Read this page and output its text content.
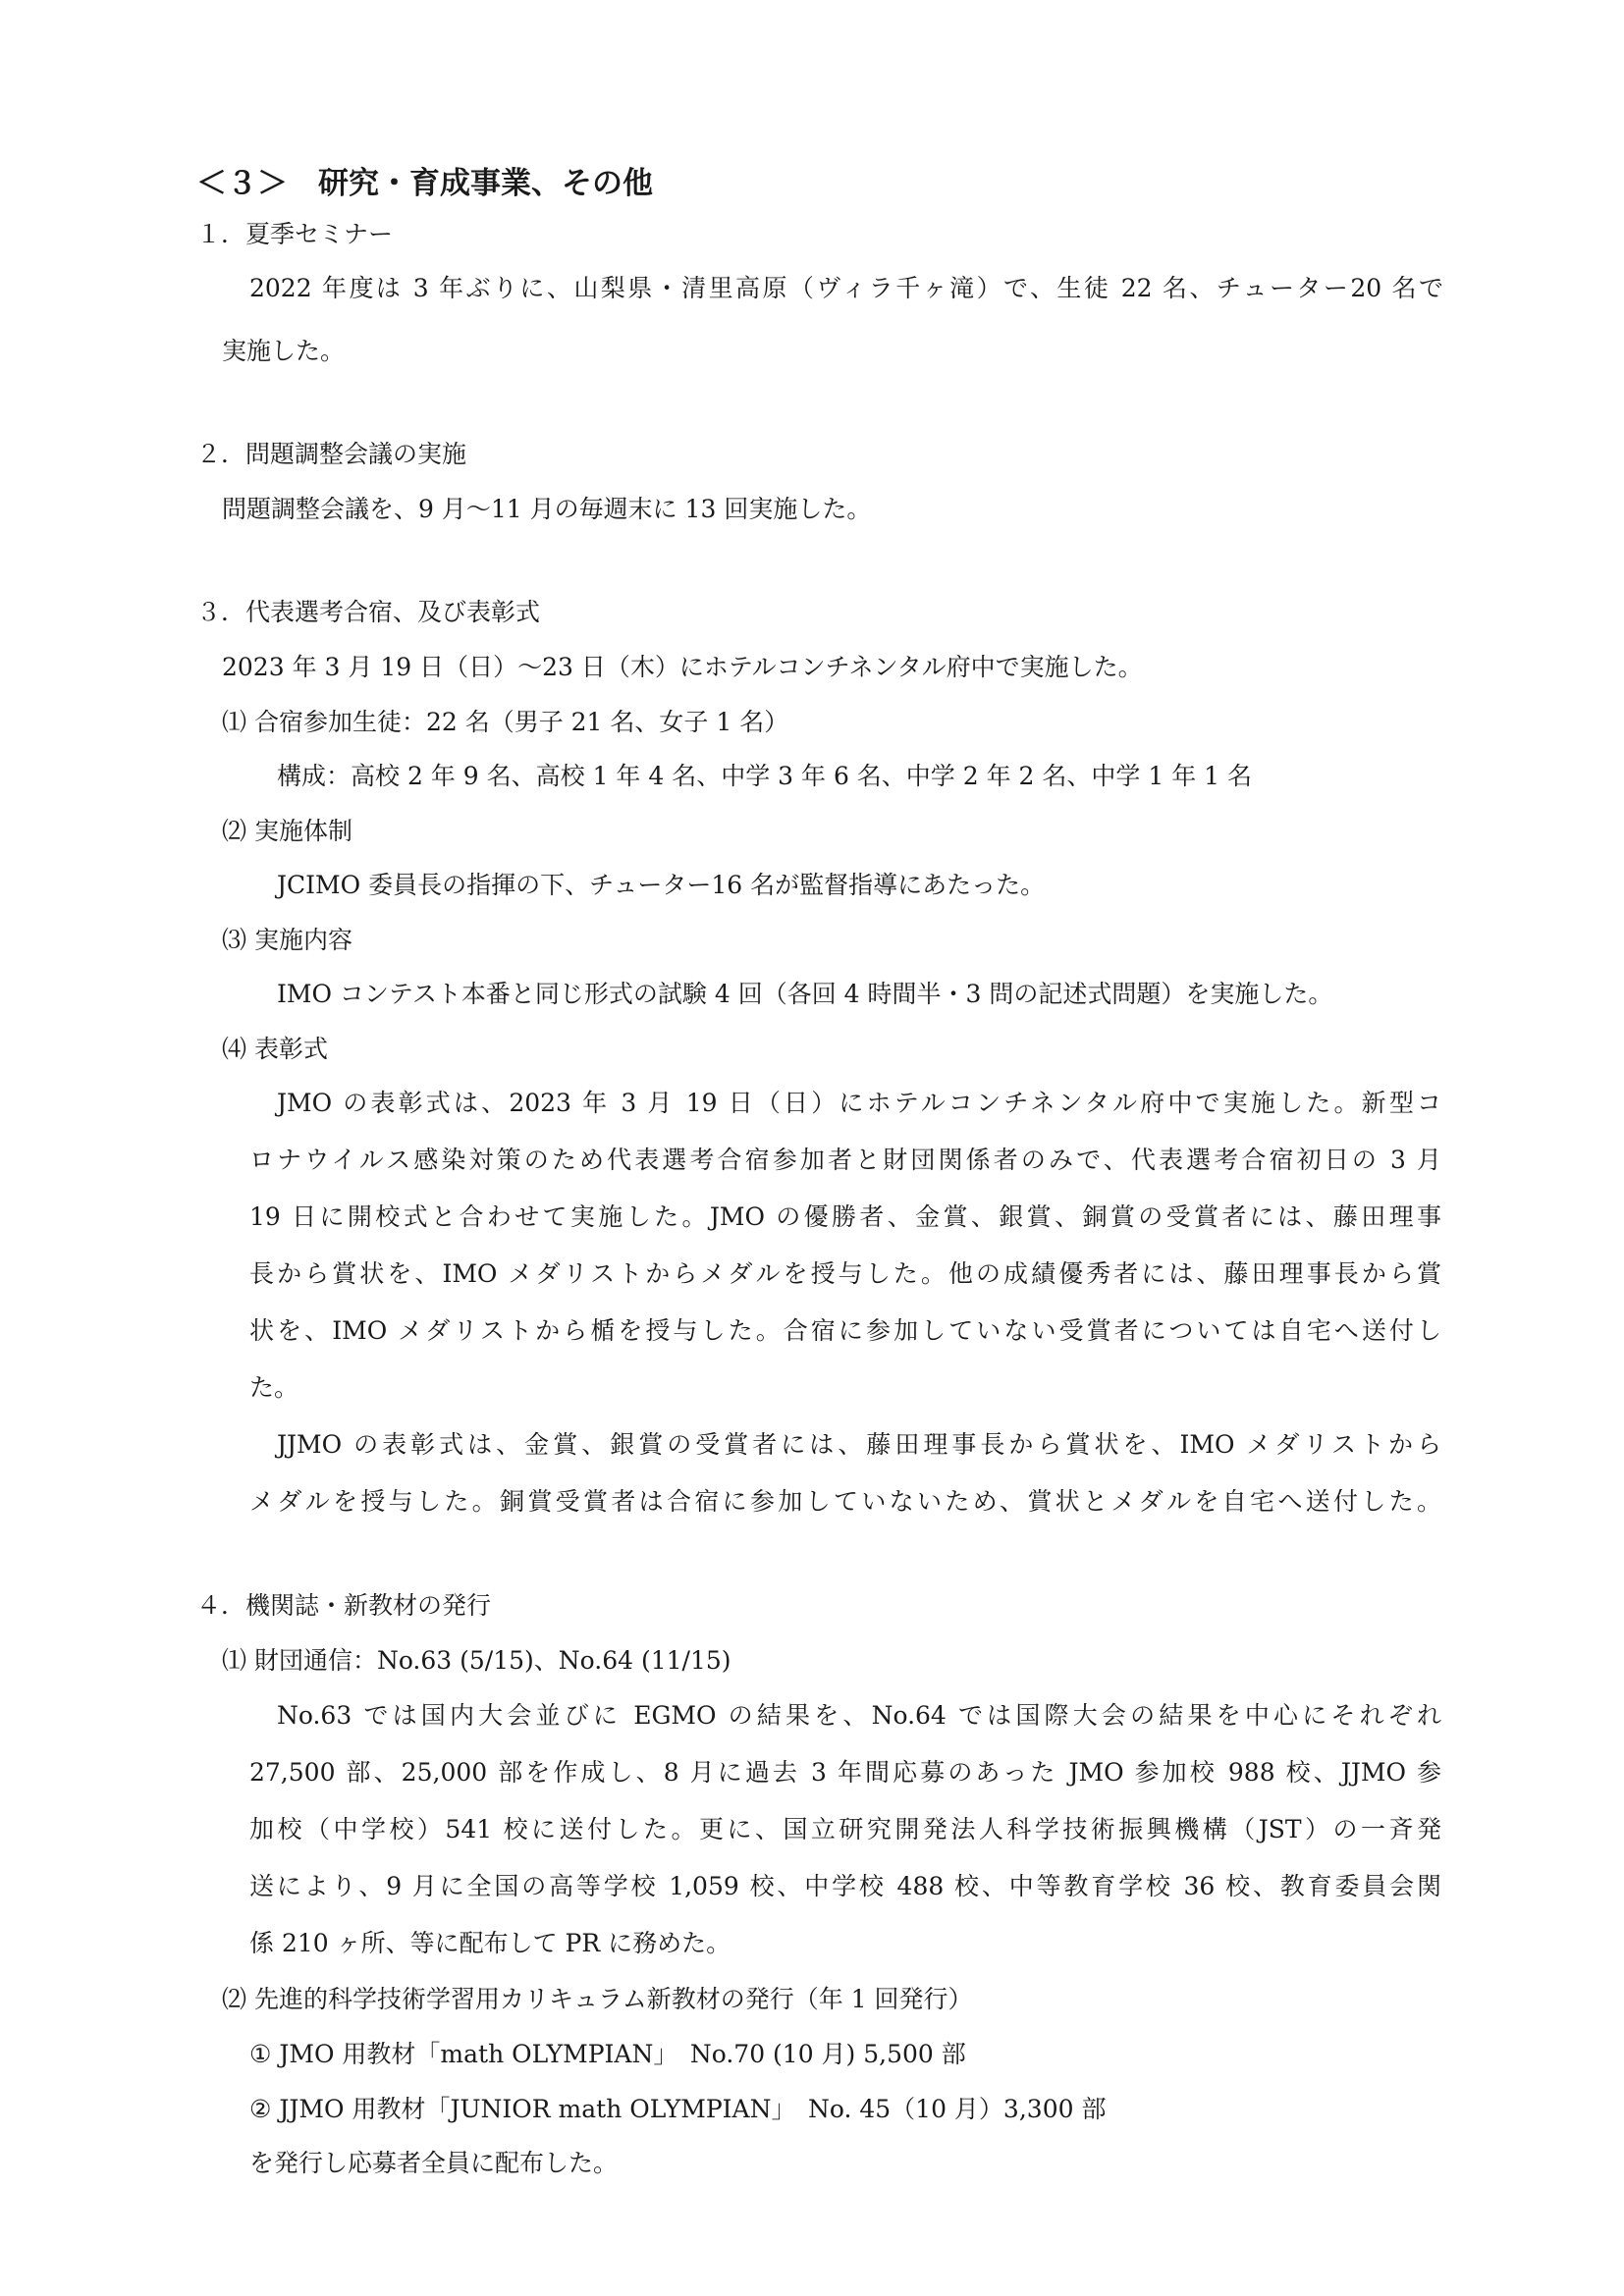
＜３＞　研究・育成事業、その他
１．夏季セミナー
2022 年度は 3 年ぶりに、山梨県・清里高原（ヴィラ千ヶ滝）で、生徒 22 名、チューター20 名で
実施した。
２．問題調整会議の実施
問題調整会議を、9 月～11 月の毎週末に 13 回実施した。
３．代表選考合宿、及び表彰式
2023 年 3 月 19 日（日）～23 日（木）にホテルコンチネンタル府中で実施した。
⑴ 合宿参加生徒：22 名（男子 21 名、女子 1 名）
構成：高校 2 年 9 名、高校 1 年 4 名、中学 3 年 6 名、中学 2 年 2 名、中学 1 年 1 名
⑵ 実施体制
JCIMO 委員長の指揮の下、チューター16 名が監督指導にあたった。
⑶ 実施内容
IMO コンテスト本番と同じ形式の試験 4 回（各回 4 時間半・3 問の記述式問題）を実施した。
⑷ 表彰式
JMO の表彰式は、2023 年 3 月 19 日（日）にホテルコンチネンタル府中で実施した。新型コ
ロナウイルス感染対策のため代表選考合宿参加者と財団関係者のみで、代表選考合宿初日の 3 月
19 日に開校式と合わせて実施した。JMO の優勝者、金賞、銀賞、銅賞の受賞者には、藤田理事
長から賞状を、IMO メダリストからメダルを授与した。他の成績優秀者には、藤田理事長から賞
状を、IMO メダリストから楯を授与した。合宿に参加していない受賞者については自宅へ送付し
た。
JJMO の表彰式は、金賞、銀賞の受賞者には、藤田理事長から賞状を、IMO メダリストから
メダルを授与した。銅賞受賞者は合宿に参加していないため、賞状とメダルを自宅へ送付した。
４．機関誌・新教材の発行
⑴ 財団通信：No.63 (5/15)、No.64 (11/15)
No.63 では国内大会並びに EGMO の結果を、No.64 では国際大会の結果を中心にそれぞれ
27,500 部、25,000 部を作成し、8 月に過去 3 年間応募のあった JMO 参加校 988 校、JJMO 参
加校（中学校）541 校に送付した。更に、国立研究開発法人科学技術振興機構（JST）の一斉発
送により、9 月に全国の高等学校 1,059 校、中学校 488 校、中等教育学校 36 校、教育委員会関
係 210 ヶ所、等に配布して PR に務めた。
⑵ 先進的科学技術学習用カリキュラム新教材の発行（年 1 回発行）
① JMO 用教材「math OLYMPIAN」　No.70 (10 月) 5,500 部
② JJMO 用教材「JUNIOR math OLYMPIAN」　No. 45（10 月）3,300 部
を発行し応募者全員に配布した。
